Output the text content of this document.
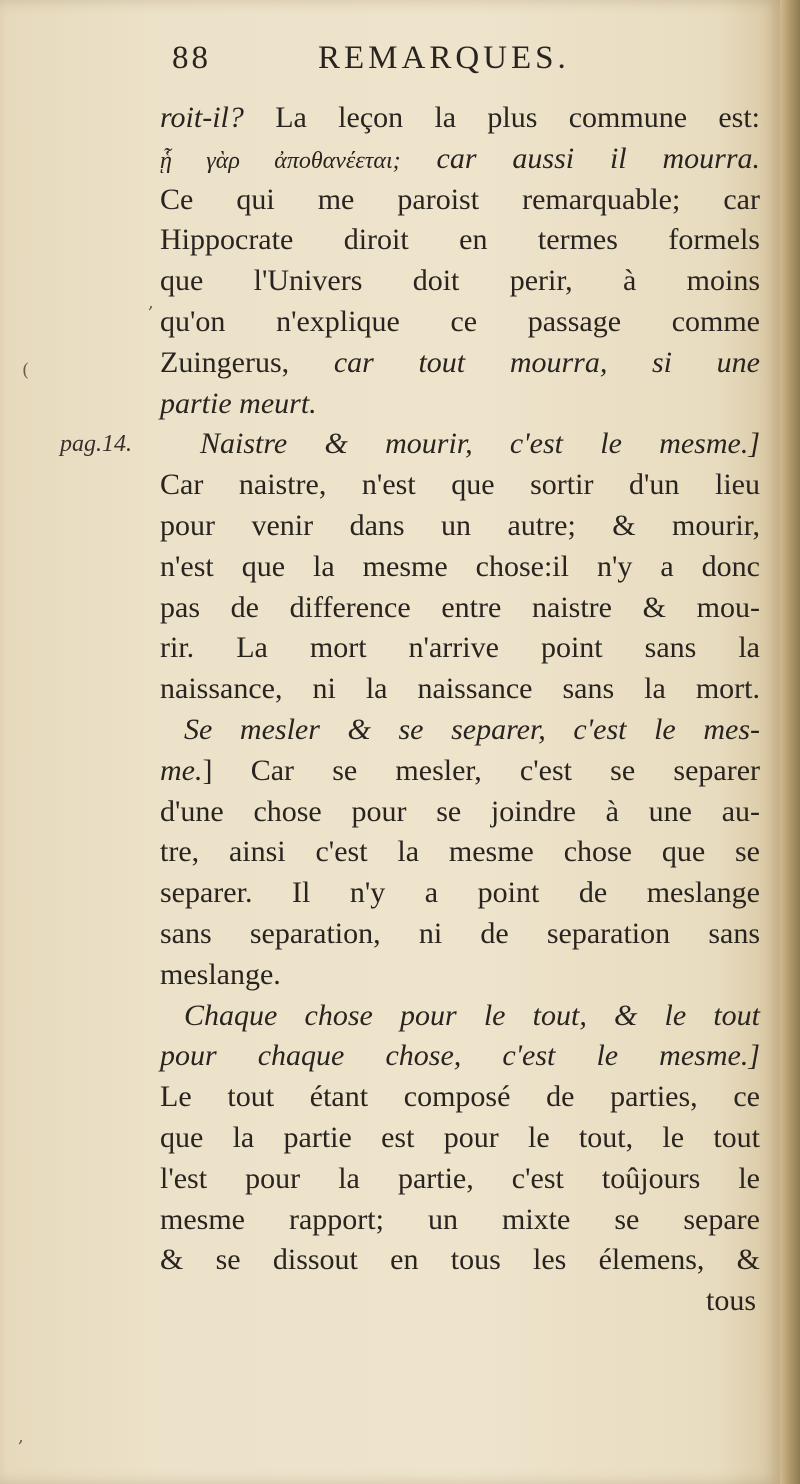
88	REMARQUES.
roit-il? La leçon la plus commune est:
ᾗ γὰρ ἀποθανέεται; car aussi il mourra.
Ce qui me paroist remarquable; car
Hippocrate diroit en termes formels
que l'Univers doit perir, à moins
qu'on n'explique ce passage comme
Zuingerus, car tout mourra, si une
partie meurt.
pag.14. Naistre & mourir, c'est le mesme.]
Car naistre, n'est que sortir d'un lieu
pour venir dans un autre; & mourir,
n'est que la mesme chose:il n'y a donc
pas de difference entre naistre & mou-
rir. La mort n'arrive point sans la
naissance, ni la naissance sans la mort.
Se mesler & se separer, c'est le mes-
me.] Car se mesler, c'est se separer
d'une chose pour se joindre à une au-
tre, ainsi c'est la mesme chose que se
separer. Il n'y a point de meslange
sans separation, ni de separation sans
meslange.
Chaque chose pour le tout, & le tout
pour chaque chose, c'est le mesme.]
Le tout étant composé de parties, ce
que la partie est pour le tout, le tout
l'est pour la partie, c'est toûjours le
mesme rapport; un mixte se separe
& se dissout en tous les élemens, &
tous
(
,
,
